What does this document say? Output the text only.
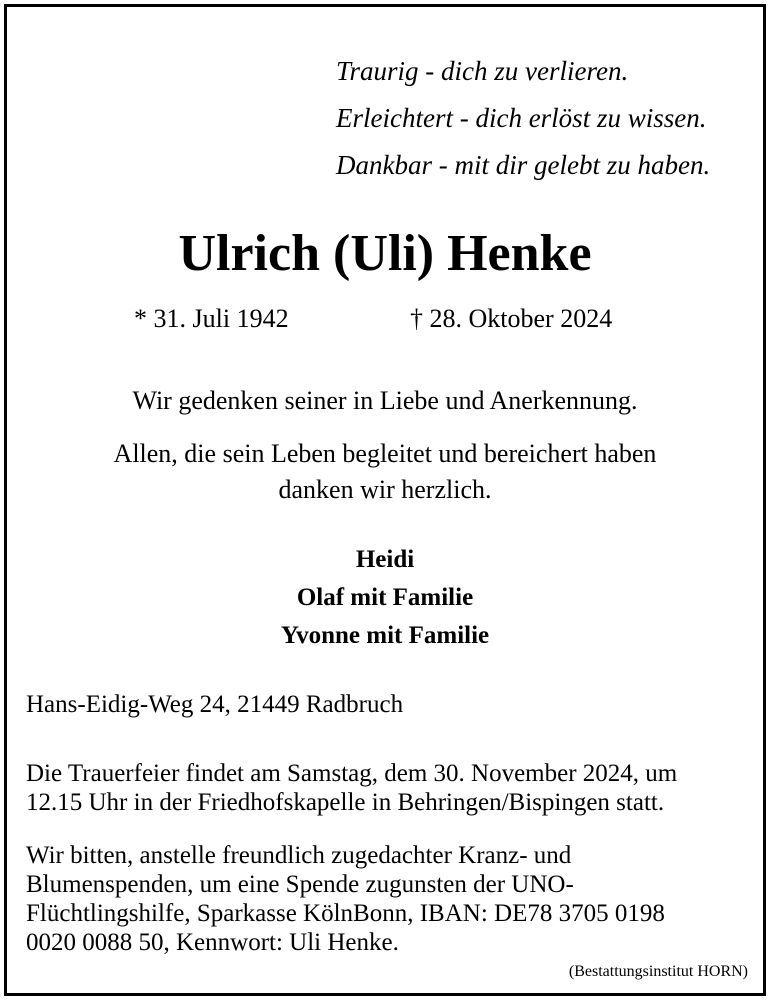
Traurig - dich zu verlieren.
Erleichtert - dich erlöst zu wissen.
Dankbar - mit dir gelebt zu haben.
Ulrich (Uli) Henke
* 31. Juli 1942	† 28. Oktober 2024
Wir gedenken seiner in Liebe und Anerkennung.
Allen, die sein Leben begleitet und bereichert haben
danken wir herzlich.
Heidi
Olaf mit Familie
Yvonne mit Familie
Hans-Eidig-Weg 24, 21449 Radbruch
Die Trauerfeier findet am Samstag, dem 30. November 2024, um
12.15 Uhr in der Friedhofskapelle in Behringen/Bispingen statt.
Wir bitten, anstelle freundlich zugedachter Kranz- und
Blumenspenden, um eine Spende zugunsten der UNO-
Flüchtlingshilfe, Sparkasse KölnBonn, IBAN: DE78 3705 0198
0020 0088 50, Kennwort: Uli Henke.
(Bestattungsinstitut HORN)
